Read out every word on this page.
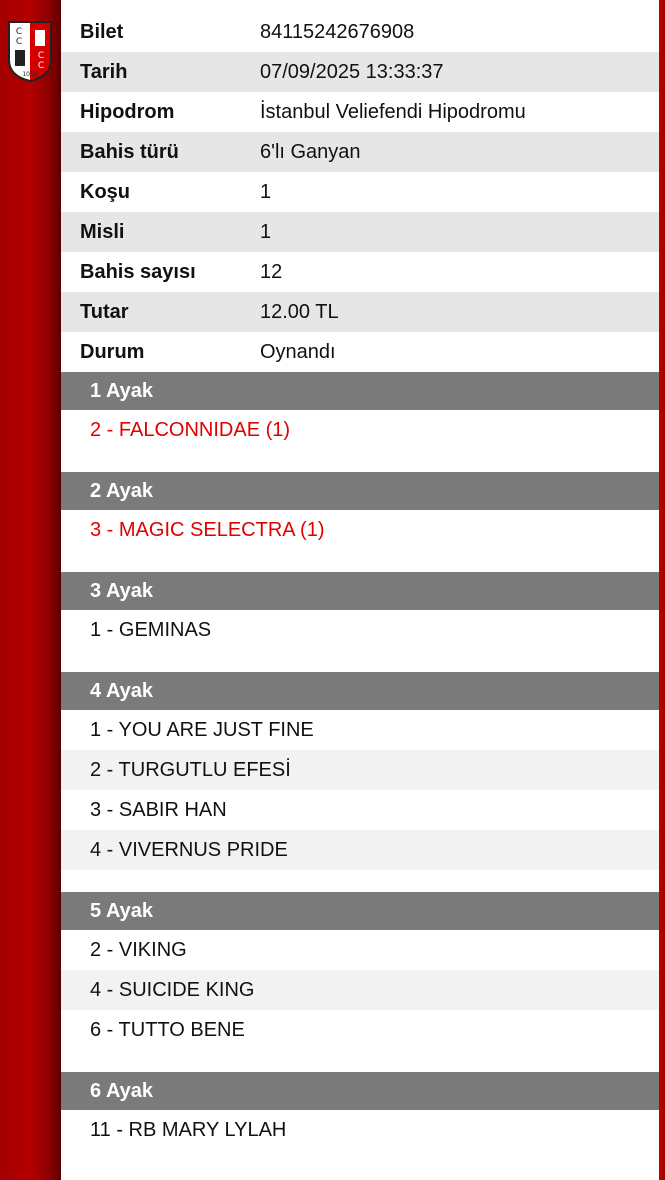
C
C
C
C
1050
Bilet	84115242676908
Tarih	07/09/2025 13:33:37
Hipodrom	İstanbul Veliefendi Hipodromu
Bahis türü	6'lı Ganyan
Koşu	1
Misli	1
Bahis sayısı	12
Tutar	12.00 TL
Durum	Oynandı
1 Ayak
2 - FALCONNIDAE (1)
2 Ayak
3 - MAGIC SELECTRA (1)
3 Ayak
1 - GEMINAS
4 Ayak
1 - YOU ARE JUST FINE
2 - TURGUTLU EFESİ
3 - SABIR HAN
4 - VIVERNUS PRIDE
5 Ayak
2 - VIKING
4 - SUICIDE KING
6 - TUTTO BENE
6 Ayak
11 - RB MARY LYLAH
